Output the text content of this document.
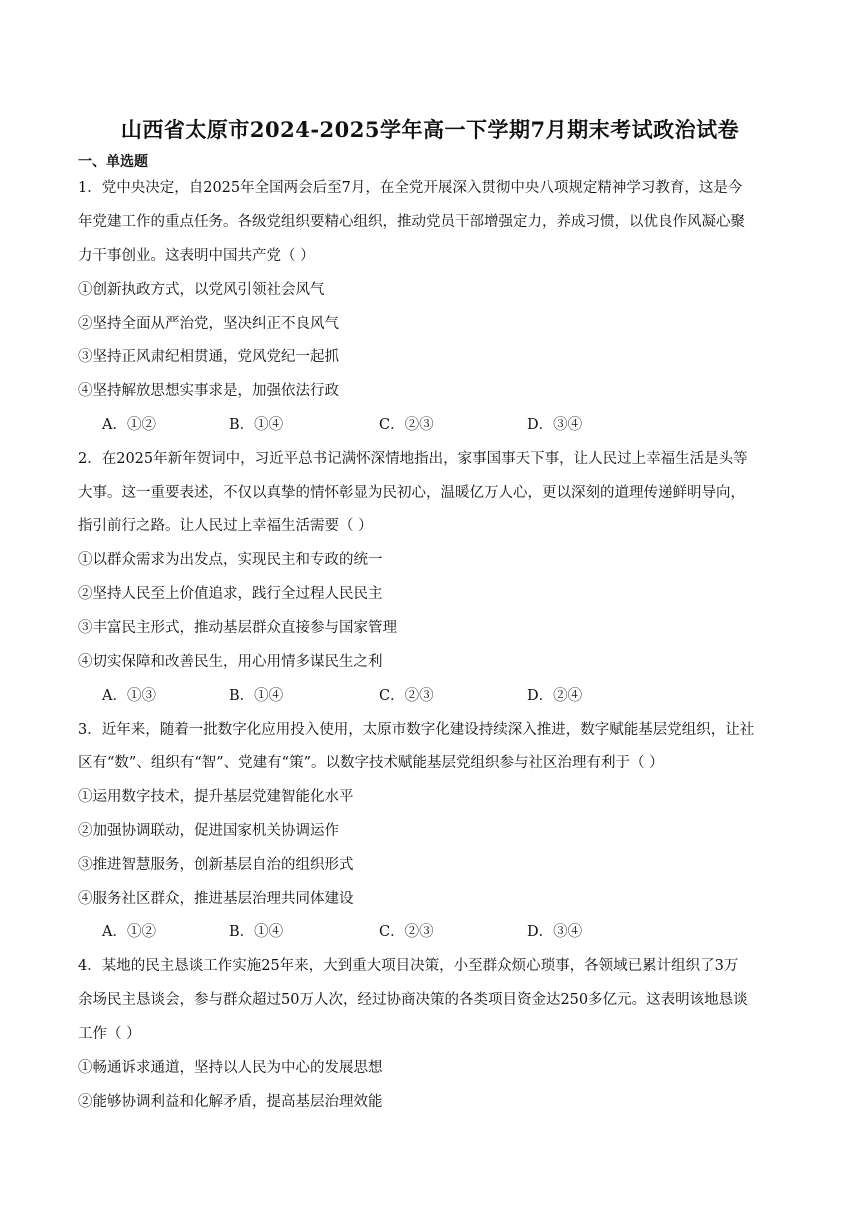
山西省太原市2024-2025学年高一下学期7月期末考试政治试卷
一、单选题
1．党中央决定，自2025年全国两会后至7月，在全党开展深入贯彻中央八项规定精神学习教育，这是今
年党建工作的重点任务。各级党组织要精心组织，推动党员干部增强定力，养成习惯，以优良作风凝心聚
力干事创业。这表明中国共产党（ ）
①创新执政方式，以党风引领社会风气
②坚持全面从严治党，坚决纠正不良风气
③坚持正风肃纪相贯通，党风党纪一起抓
④坚持解放思想实事求是，加强依法行政
A．①②	B．①④	C．②③	D．③④
2．在2025年新年贺词中，习近平总书记满怀深情地指出，家事国事天下事，让人民过上幸福生活是头等
大事。这一重要表述，不仅以真挚的情怀彰显为民初心，温暖亿万人心，更以深刻的道理传递鲜明导向，
指引前行之路。让人民过上幸福生活需要（ ）
①以群众需求为出发点，实现民主和专政的统一
②坚持人民至上价值追求，践行全过程人民民主
③丰富民主形式，推动基层群众直接参与国家管理
④切实保障和改善民生，用心用情多谋民生之利
A．①③	B．①④	C．②③	D．②④
3．近年来，随着一批数字化应用投入使用，太原市数字化建设持续深入推进，数字赋能基层党组织，让社
区有“数”、组织有“智”、党建有“策”。以数字技术赋能基层党组织参与社区治理有利于（ ）
①运用数字技术，提升基层党建智能化水平
②加强协调联动，促进国家机关协调运作
③推进智慧服务，创新基层自治的组织形式
④服务社区群众，推进基层治理共同体建设
A．①②	B．①④	C．②③	D．③④
4．某地的民主恳谈工作实施25年来，大到重大项目决策，小至群众烦心琐事，各领域已累计组织了3万
余场民主恳谈会，参与群众超过50万人次，经过协商决策的各类项目资金达250多亿元。这表明该地恳谈
工作（ ）
①畅通诉求通道，坚持以人民为中心的发展思想
②能够协调利益和化解矛盾，提高基层治理效能
